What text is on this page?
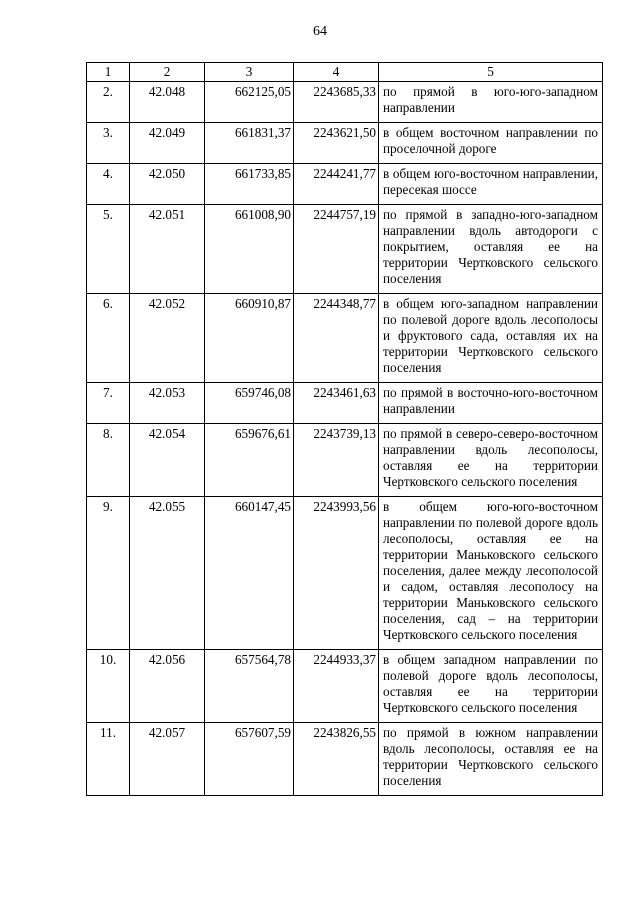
64
1	2	3	4	5
2.	42.048	662125,05	2243685,33	по прямой в юго-юго-западном направлении
3.	42.049	661831,37	2243621,50	в общем восточном направлении по проселочной дороге
4.	42.050	661733,85	2244241,77	в общем юго-восточном направлении, пересекая шоссе
5.	42.051	661008,90	2244757,19	по прямой в западно-юго-западном направлении вдоль автодороги с покрытием, оставляя ее на территории Чертковского сельского поселения
6.	42.052	660910,87	2244348,77	в общем юго-западном направлении по полевой дороге вдоль лесополосы и фруктового сада, оставляя их на территории Чертковского сельского поселения
7.	42.053	659746,08	2243461,63	по прямой в восточно-юго-восточном направлении
8.	42.054	659676,61	2243739,13	по прямой в северо-северо-восточном направлении вдоль лесополосы, оставляя ее на территории Чертковского сельского поселения
9.	42.055	660147,45	2243993,56	в общем юго-юго-восточном направлении по полевой дороге вдоль лесополосы, оставляя ее на территории Маньковского сельского поселения, далее между лесополосой и садом, оставляя лесополосу на территории Маньковского сельского поселения, сад – на территории Чертковского сельского поселения
10.	42.056	657564,78	2244933,37	в общем западном направлении по полевой дороге вдоль лесополосы, оставляя ее на территории Чертковского сельского поселения
11.	42.057	657607,59	2243826,55	по прямой в южном направлении вдоль лесополосы, оставляя ее на территории Чертковского сельского поселения
